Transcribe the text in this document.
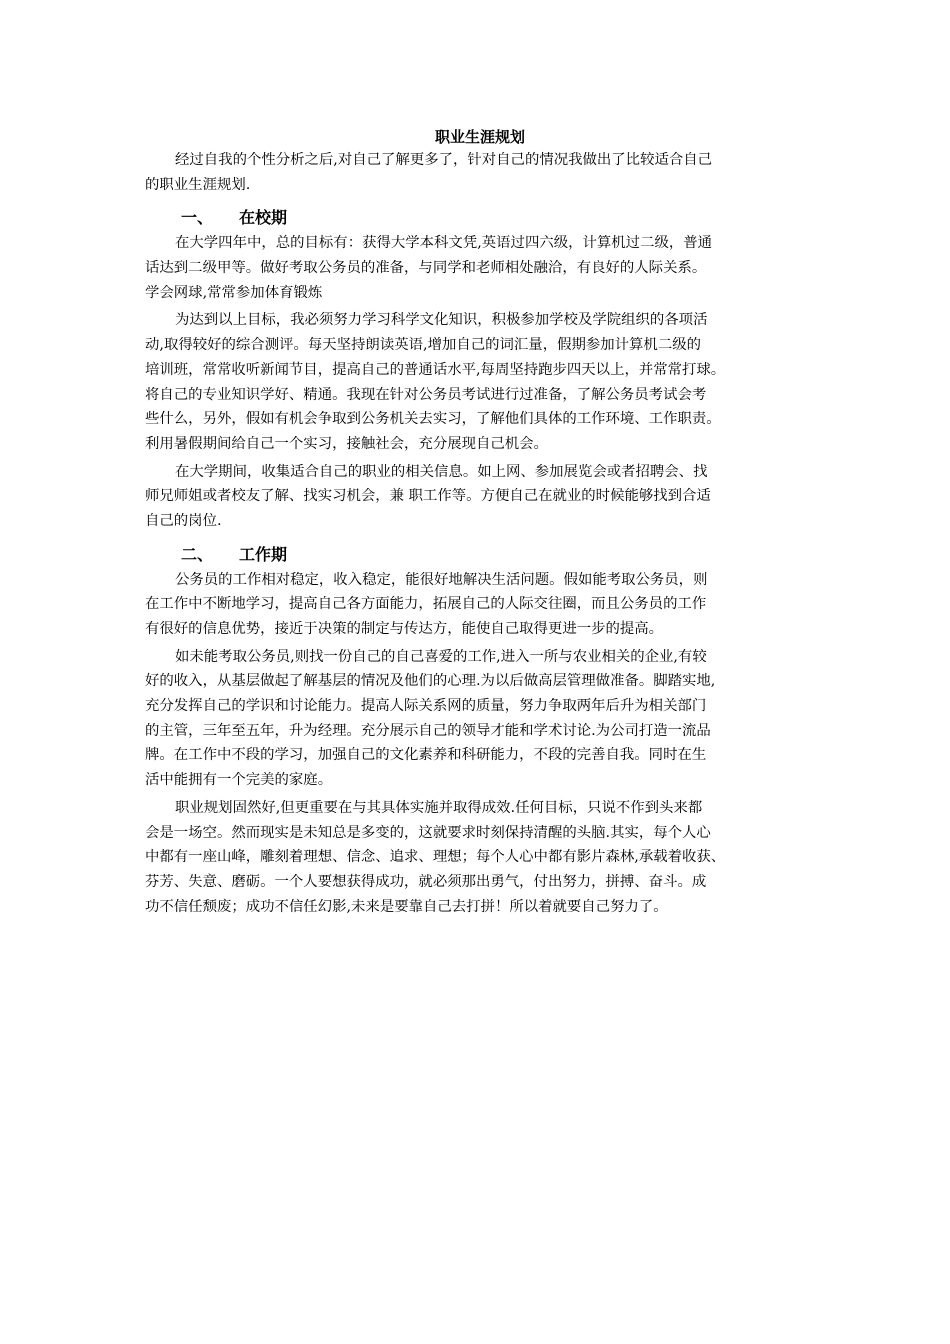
职业生涯规划

经过自我的个性分析之后,对自己了解更多了，针对自己的情况我做出了比较适合自己
的职业生涯规划.

一、 在校期

在大学四年中，总的目标有：获得大学本科文凭,英语过四六级，计算机过二级，普通
话达到二级甲等。做好考取公务员的准备，与同学和老师相处融洽，有良好的人际关系。
学会网球,常常参加体育锻炼

为达到以上目标，我必须努力学习科学文化知识，积极参加学校及学院组织的各项活
动,取得较好的综合测评。每天坚持朗读英语,增加自己的词汇量，假期参加计算机二级的
培训班，常常收听新闻节目，提高自己的普通话水平,每周坚持跑步四天以上，并常常打球。
将自己的专业知识学好、精通。我现在针对公务员考试进行过准备，了解公务员考试会考
些什么，另外，假如有机会争取到公务机关去实习，了解他们具体的工作环境、工作职责。
利用暑假期间给自己一个实习，接触社会，充分展现自己机会。

在大学期间，收集适合自己的职业的相关信息。如上网、参加展览会或者招聘会、找
师兄师姐或者校友了解、找实习机会，兼 职工作等。方便自己在就业的时候能够找到合适
自己的岗位.

二、 工作期

公务员的工作相对稳定，收入稳定，能很好地解决生活问题。假如能考取公务员，则
在工作中不断地学习，提高自己各方面能力，拓展自己的人际交往圈，而且公务员的工作
有很好的信息优势，接近于决策的制定与传达方，能使自己取得更进一步的提高。

如未能考取公务员,则找一份自己的自己喜爱的工作,进入一所与农业相关的企业,有较
好的收入，从基层做起了解基层的情况及他们的心理.为以后做高层管理做准备。脚踏实地,
充分发挥自己的学识和讨论能力。提高人际关系网的质量，努力争取两年后升为相关部门
的主管，三年至五年，升为经理。充分展示自己的领导才能和学术讨论.为公司打造一流品
牌。在工作中不段的学习，加强自己的文化素养和科研能力，不段的完善自我。同时在生
活中能拥有一个完美的家庭。

职业规划固然好,但更重要在与其具体实施并取得成效.任何目标，只说不作到头来都
会是一场空。然而现实是未知总是多变的，这就要求时刻保持清醒的头脑.其实，每个人心
中都有一座山峰，雕刻着理想、信念、追求、理想；每个人心中都有影片森林,承载着收获、
芬芳、失意、磨砺。一个人要想获得成功，就必须那出勇气，付出努力，拼搏、奋斗。成
功不信任颓废；成功不信任幻影,未来是要靠自己去打拼！所以着就要自己努力了。
